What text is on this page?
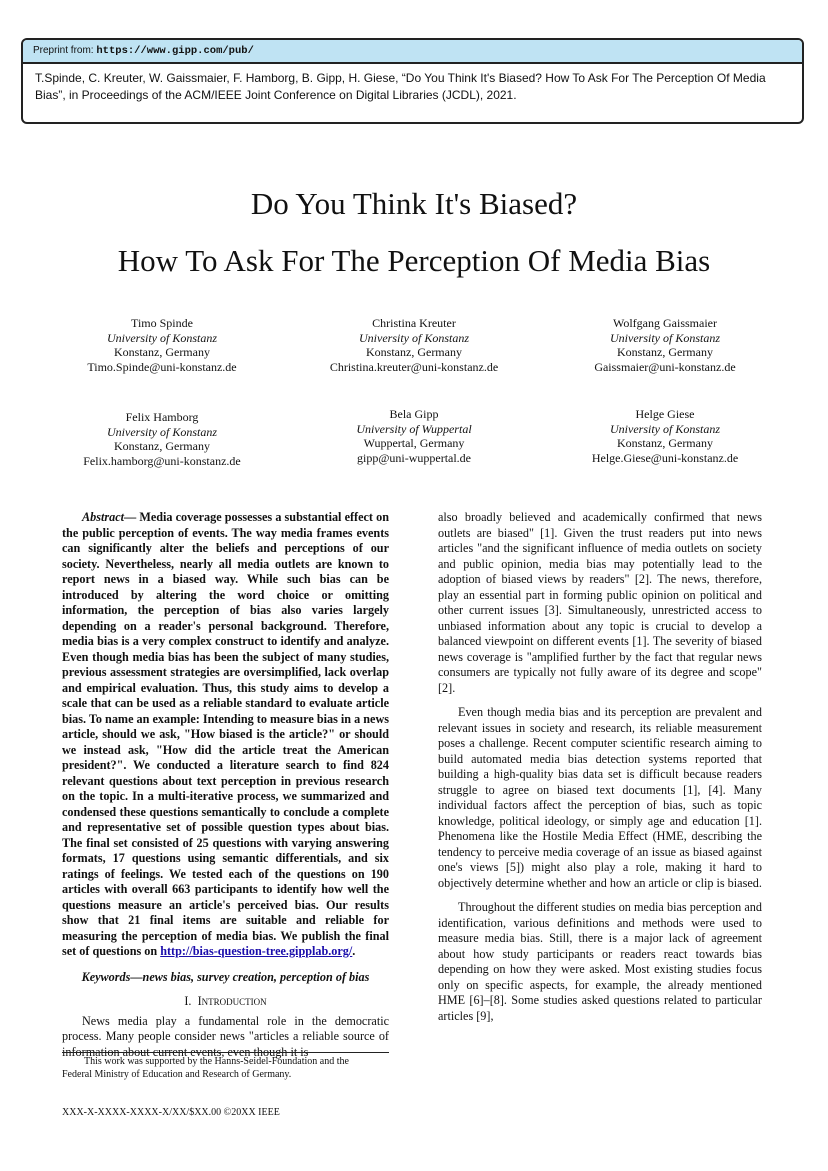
Preprint from: https://www.gipp.com/pub/
T.Spinde, C. Kreuter, W. Gaissmaier, F. Hamborg, B. Gipp, H. Giese, “Do You Think It's Biased? How To Ask For The Perception Of Media Bias”, in Proceedings of the ACM/IEEE Joint Conference on Digital Libraries (JCDL), 2021.
Do You Think It's Biased?
How To Ask For The Perception Of Media Bias
Timo Spinde
University of Konstanz
Konstanz, Germany
Timo.Spinde@uni-konstanz.de
Christina Kreuter
University of Konstanz
Konstanz, Germany
Christina.kreuter@uni-konstanz.de
Wolfgang Gaissmaier
University of Konstanz
Konstanz, Germany
Gaissmaier@uni-konstanz.de
Felix Hamborg
University of Konstanz
Konstanz, Germany
Felix.hamborg@uni-konstanz.de
Bela Gipp
University of Wuppertal
Wuppertal, Germany
gipp@uni-wuppertal.de
Helge Giese
University of Konstanz
Konstanz, Germany
Helge.Giese@uni-konstanz.de

Abstract— Media coverage possesses a substantial effect on the public perception of events. The way media frames events can significantly alter the beliefs and perceptions of our society. Nevertheless, nearly all media outlets are known to report news in a biased way. While such bias can be introduced by altering the word choice or omitting information, the perception of bias also varies largely depending on a reader's personal background. Therefore, media bias is a very complex construct to identify and analyze. Even though media bias has been the subject of many studies, previous assessment strategies are oversimplified, lack overlap and empirical evaluation. Thus, this study aims to develop a scale that can be used as a reliable standard to evaluate article bias. To name an example: Intending to measure bias in a news article, should we ask, "How biased is the article?" or should we instead ask, "How did the article treat the American president?". We conducted a literature search to find 824 relevant questions about text perception in previous research on the topic. In a multi-iterative process, we summarized and condensed these questions semantically to conclude a complete and representative set of possible question types about bias. The final set consisted of 25 questions with varying answering formats, 17 questions using semantic differentials, and six ratings of feelings. We tested each of the questions on 190 articles with overall 663 participants to identify how well the questions measure an article's perceived bias. Our results show that 21 final items are suitable and reliable for measuring the perception of media bias. We publish the final set of questions on http://bias-question-tree.gipplab.org/.

Keywords—news bias, survey creation, perception of bias

I. Introduction

News media play a fundamental role in the democratic process. Many people consider news "articles a reliable source of information about current events, even though it is

also broadly believed and academically confirmed that news outlets are biased" [1]. Given the trust readers put into news articles "and the significant influence of media outlets on society and public opinion, media bias may potentially lead to the adoption of biased views by readers" [2]. The news, therefore, play an essential part in forming public opinion on political and other current issues [3]. Simultaneously, unrestricted access to unbiased information about any topic is crucial to develop a balanced viewpoint on different events [1]. The severity of biased news coverage is "amplified further by the fact that regular news consumers are typically not fully aware of its degree and scope" [2].

Even though media bias and its perception are prevalent and relevant issues in society and research, its reliable measurement poses a challenge. Recent computer scientific research aiming to build automated media bias detection systems reported that building a high-quality bias data set is difficult because readers struggle to agree on biased text documents [1], [4]. Many individual factors affect the perception of bias, such as topic knowledge, political ideology, or simply age and education [1]. Phenomena like the Hostile Media Effect (HME, describing the tendency to perceive media coverage of an issue as biased against one's views [5]) might also play a role, making it hard to objectively determine whether and how an article or clip is biased.

Throughout the different studies on media bias perception and identification, various definitions and methods were used to measure media bias. Still, there is a major lack of agreement about how study participants or readers react towards bias depending on how they were asked. Most existing studies focus only on specific aspects, for example, the already mentioned HME [6]–[8]. Some studies asked questions related to particular articles [9],

This work was supported by the Hanns-Seidel-Foundation and the
Federal Ministry of Education and Research of Germany.
XXX-X-XXXX-XXXX-X/XX/$XX.00 ©20XX IEEE
